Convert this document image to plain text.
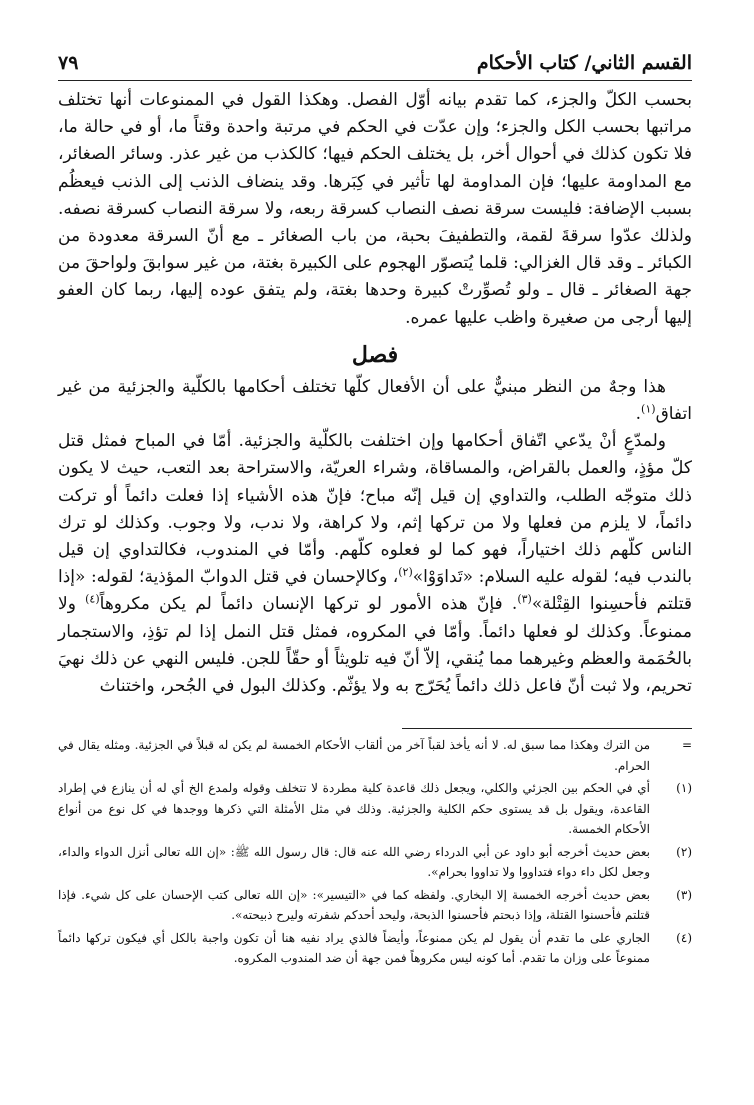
القسم الثاني/ كتاب الأحكام
٧٩

بحسب الكلّ والجزء، كما تقدم بيانه أوّل الفصل. وهكذا القول في الممنوعات أنها تختلف مراتبها بحسب الكل والجزء؛ وإن عدّت في الحكم في مرتبة واحدة وقتاً ما، أو في حالة ما، فلا تكون كذلك في أحوال أخر، بل يختلف الحكم فيها؛ كالكذب من غير عذر. وسائر الصغائر، مع المداومة عليها؛ فإن المداومة لها تأثير في كِبَرها. وقد ينضاف الذنب إلى الذنب فيعظُم بسبب الإضافة: فليست سرقة نصف النصاب كسرقة ربعه، ولا سرقة النصاب كسرقة نصفه. ولذلك عدّوا سرقةَ لقمة، والتطفيفَ بحبة، من باب الصغائر ـ مع أنّ السرقة معدودة من الكبائر ـ وقد قال الغزالي: قلما يُتصوّر الهجوم على الكبيرة بغتة، من غير سوابقَ ولواحقَ من جهة الصغائر ـ قال ـ ولو تُصوِّرتْ كبيرة وحدها بغتة، ولم يتفق عوده إليها، ربما كان العفو إليها أرجى من صغيرة واظب عليها عمره.

فصل

هذا وجهٌ من النظر مبنيٌّ على أن الأفعال كلّها تختلف أحكامها بالكلّية والجزئية من غير اتفاق$^{(١)}$.

ولمدّعٍ أنْ يدّعي اتّفاق أحكامها وإن اختلفت بالكلّية والجزئية. أمّا في المباح فمثل قتل كلّ مؤذٍ، والعمل بالقراض، والمساقاة، وشراء العريّة، والاستراحة بعد التعب، حيث لا يكون ذلك متوجّه الطلب، والتداوي إن قيل إنّه مباح؛ فإنّ هذه الأشياء إذا فعلت دائماً أو تركت دائماً، لا يلزم من فعلها ولا من تركها إثم، ولا كراهة، ولا ندب، ولا وجوب. وكذلك لو ترك الناس كلّهم ذلك اختياراً، فهو كما لو فعلوه كلّهم. وأمّا في المندوب، فكالتداوي إن قيل بالندب فيه؛ لقوله عليه السلام: «تَداوَوْا»$^{(٢)}$، وكالإحسان في قتل الدوابّ المؤذية؛ لقوله: «إذا قتلتم فأحسِنوا القِتْلة»$^{(٣)}$. فإنّ هذه الأمور لو تركها الإنسان دائماً لم يكن مكروهاً$^{(٤)}$ ولا ممنوعاً. وكذلك لو فعلها دائماً. وأمّا في المكروه، فمثل قتل النمل إذا لم تؤذِ، والاستجمار بالحُمَمة والعظم وغيرهما مما يُنقي، إلاّ أنّ فيه تلويثاً أو حقّاً للجن. فليس النهي عن ذلك نهيَ تحريم، ولا ثبت أنّ فاعل ذلك دائماً يُحَرّج به ولا يؤثّم. وكذلك البول في الجُحر، واختناث

=
من الترك وهكذا مما سبق له. لا أنه يأخذ لقباً آخر من ألقاب الأحكام الخمسة لم يكن له قبلاً في الجزئية. ومثله يقال في الحرام.
(١)
أي في الحكم بين الجزئي والكلي، ويجعل ذلك قاعدة كلية مطردة لا تتخلف وقوله ولمدع الخ أي له أن ينازع في إطراد القاعدة، ويقول بل قد يستوى حكم الكلية والجزئية. وذلك في مثل الأمثلة التي ذكرها ووجدها في كل نوع من أنواع الأحكام الخمسة.
(٢)
بعض حديث أخرجه أبو داود عن أبي الدرداء رضي الله عنه قال: قال رسول الله ﷺ: «إن الله تعالى أنزل الدواء والداء، وجعل لكل داء دواء فتداووا ولا تداووا بحرام».
(٣)
بعض حديث أخرجه الخمسة إلا البخاري. ولفظه كما في «التيسير»: «إن الله تعالى كتب الإحسان على كل شيء. فإذا قتلتم فأحسنوا القتلة، وإذا ذبحتم فأحسنوا الذبحة، وليحد أحدكم شفرته وليرح ذبيحته».
(٤)
الجاري على ما تقدم أن يقول لم يكن ممنوعاً، وأيضاً فالذي يراد نفيه هنا أن تكون واجبة بالكل أي فيكون تركها دائماً ممنوعاً على وزان ما تقدم. أما كونه ليس مكروهاً فمن جهة أن ضد المندوب المكروه.
